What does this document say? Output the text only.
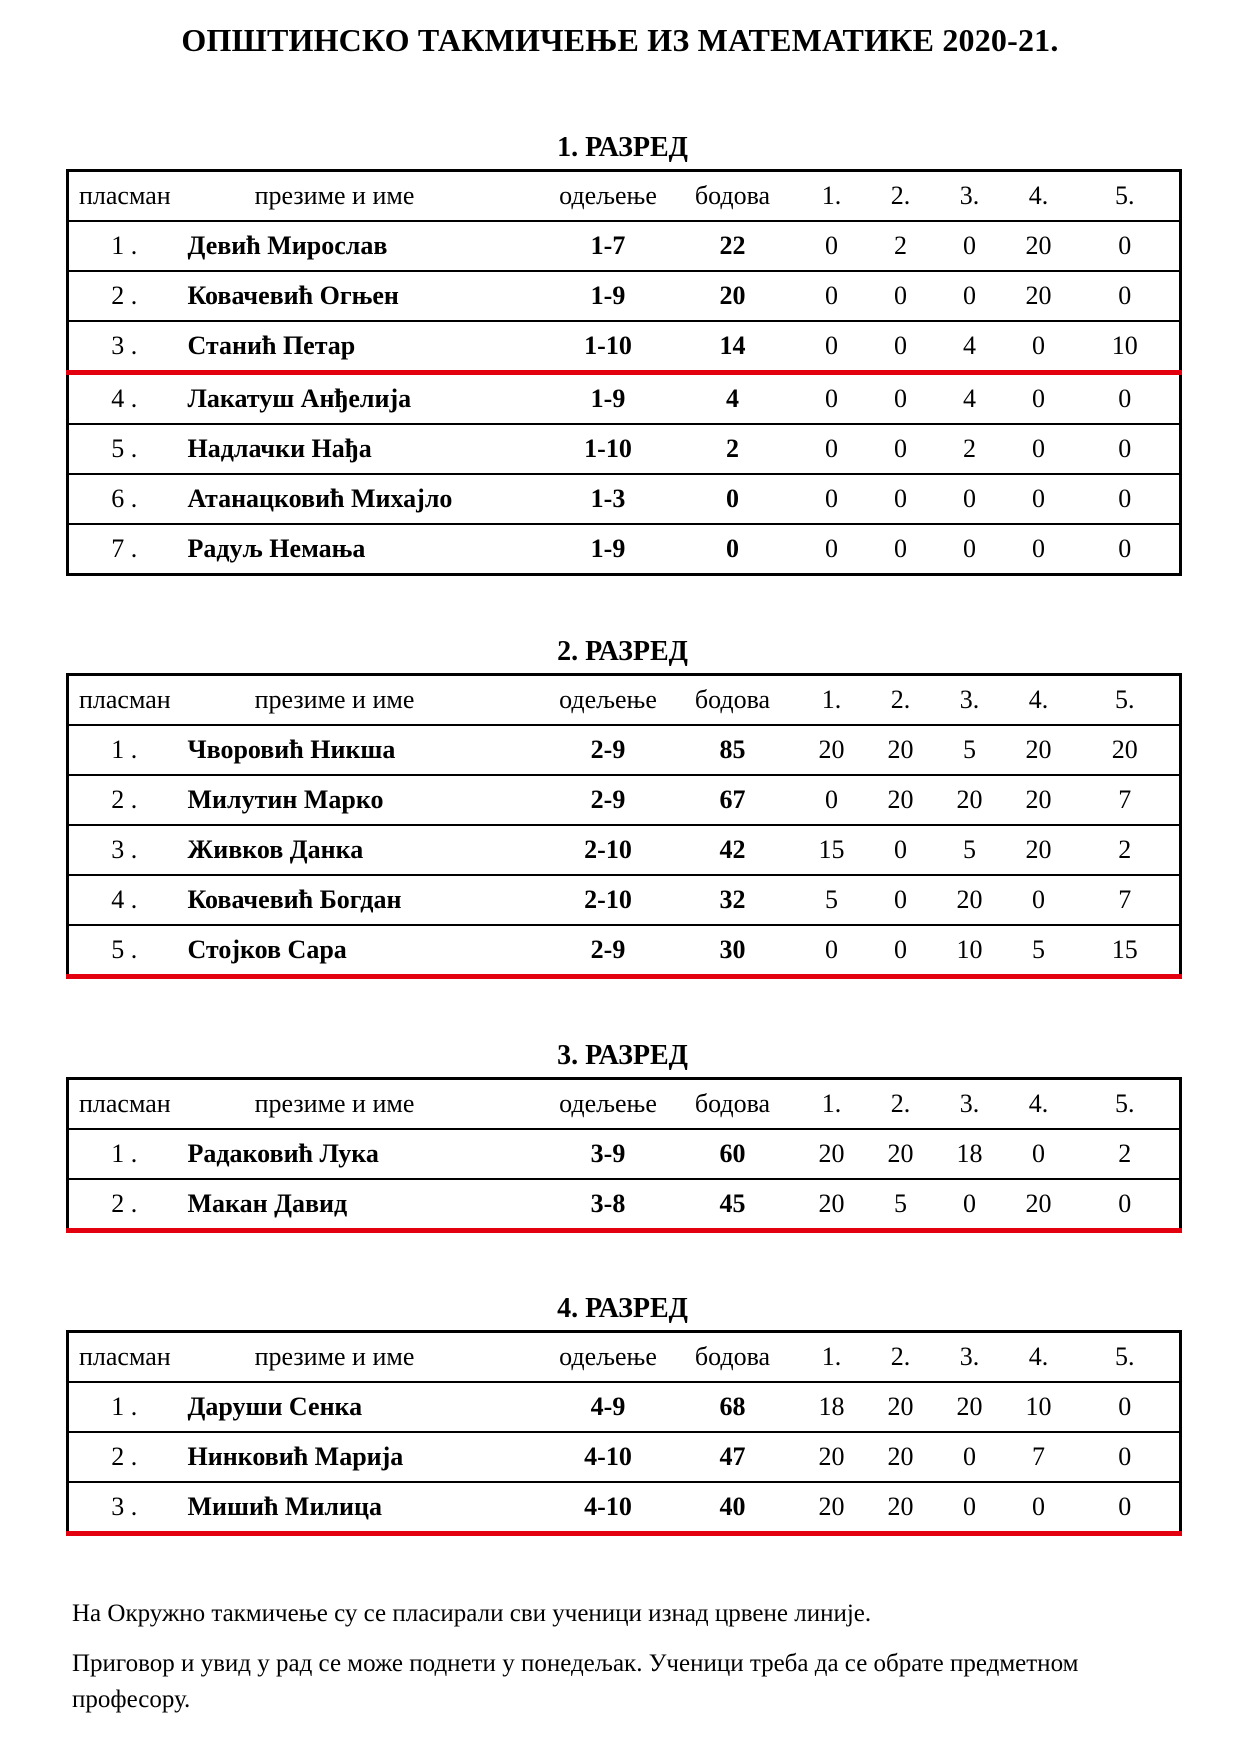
ОПШТИНСКО ТАКМИЧЕЊЕ ИЗ МАТЕМАТИКЕ 2020-21.
1. РАЗРЕД
пласман	презиме и име	одељење	бодова	1.	2.	3.	4.	5.
1 .	Девић Мирослав	1-7	22	0	2	0	20	0
2 .	Ковачевић Огњен	1-9	20	0	0	0	20	0
3 .	Станић Петар	1-10	14	0	0	4	0	10
4 .	Лакатуш Анђелија	1-9	4	0	0	4	0	0
5 .	Надлачки Нађа	1-10	2	0	0	2	0	0
6 .	Атанацковић Михајло	1-3	0	0	0	0	0	0
7 .	Радуљ Немања	1-9	0	0	0	0	0	0
2. РАЗРЕД
пласман	презиме и име	одељење	бодова	1.	2.	3.	4.	5.
1 .	Чворовић Никша	2-9	85	20	20	5	20	20
2 .	Милутин Марко	2-9	67	0	20	20	20	7
3 .	Живков Данка	2-10	42	15	0	5	20	2
4 .	Ковачевић Богдан	2-10	32	5	0	20	0	7
5 .	Стојков Сара	2-9	30	0	0	10	5	15
3. РАЗРЕД
пласман	презиме и име	одељење	бодова	1.	2.	3.	4.	5.
1 .	Радаковић Лука	3-9	60	20	20	18	0	2
2 .	Макан Давид	3-8	45	20	5	0	20	0
4. РАЗРЕД
пласман	презиме и име	одељење	бодова	1.	2.	3.	4.	5.
1 .	Даруши Сенка	4-9	68	18	20	20	10	0
2 .	Нинковић Марија	4-10	47	20	20	0	7	0
3 .	Мишић Милица	4-10	40	20	20	0	0	0
На Окружно такмичење су се пласирали сви ученици изнад црвене линије.
Приговор и увид у рад се може поднети у понедељак. Ученици треба да се обрате предметном професору.
